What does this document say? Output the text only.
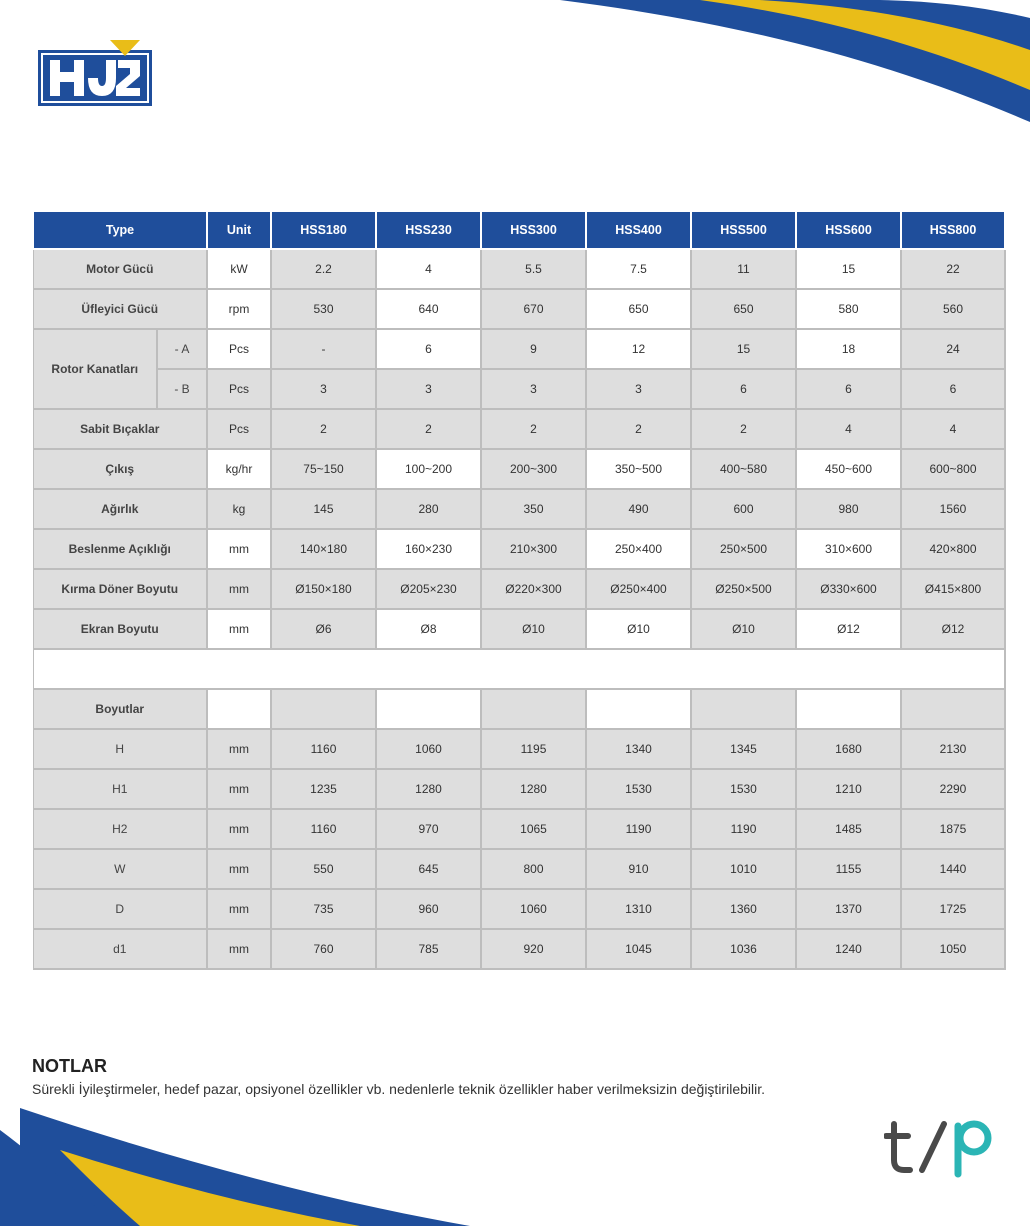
Type		Unit	HSS180	HSS230	HSS300	HSS400	HSS500	HSS600	HSS800
Motor Gücü		kW	2.2	4	5.5	7.5	11	15	22
Üfleyici Gücü		rpm	530	640	670	650	650	580	560
Rotor Kanatları	- A	Pcs	-	6	9	12	15	18	24
	- B	Pcs	3	3	3	3	6	6	6
Sabit Bıçaklar		Pcs	2	2	2	2	2	4	4
Çıkış		kg/hr	75~150	100~200	200~300	350~500	400~580	450~600	600~800
Ağırlık		kg	145	280	350	490	600	980	1560
Beslenme Açıklığı		mm	140×180	160×230	210×300	250×400	250×500	310×600	420×800
Kırma Döner Boyutu		mm	Ø150×180	Ø205×230	Ø220×300	Ø250×400	Ø250×500	Ø330×600	Ø415×800
Ekran Boyutu		mm	Ø6	Ø8	Ø10	Ø10	Ø10	Ø12	Ø12

Boyutlar									
H		mm	1160	1060	1195	1340	1345	1680	2130
H1		mm	1235	1280	1280	1530	1530	1210	2290
H2		mm	1160	970	1065	1190	1190	1485	1875
W		mm	550	645	800	910	1010	1155	1440
D		mm	735	960	1060	1310	1360	1370	1725
d1		mm	760	785	920	1045	1036	1240	1050

NOTLAR

Sürekli İyileştirmeler, hedef pazar, opsiyonel özellikler vb. nedenlerle teknik özellikler haber verilmeksizin değiştirilebilir.
